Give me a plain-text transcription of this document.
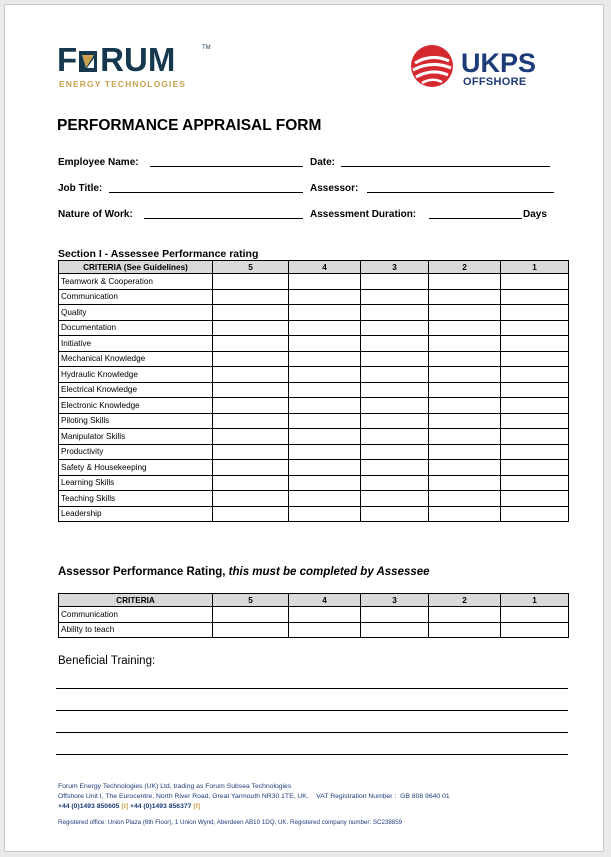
F RUM	TM
ENERGY TECHNOLOGIES
UKPS
OFFSHORE
PERFORMANCE APPRAISAL FORM
Employee Name:	Date:
Job Title:	Assessor:
Nature of Work:	Assessment Duration:	Days
Section I - Assessee Performance rating
CRITERIA (See Guidelines)	5	4	3	2	1
Teamwork & Cooperation					
Communication					
Quality					
Documentation					
Initiative					
Mechanical Knowledge					
Hydraulic Knowledge					
Electrical Knowledge					
Electronic Knowledge					
Piloting Skills					
Manipulator Skills					
Productivity					
Safety & Housekeeping					
Learning Skills					
Teaching Skills					
Leadership					
Assessor Performance Rating, this must be completed by Assessee
CRITERIA	5	4	3	2	1
Communication					
Ability to teach					
Beneficial Training:
Forum Energy Technologies (UK) Ltd, trading as Forum Subsea Technologies
Offshore Unit I, The Eurocentre, North River Road, Great Yarmouth NR30 1TE, UK.    VAT Registration Number :  GB 808 9640 01
+44 (0)1493 850605 [t] +44 (0)1493 856377 [f]
Registered office: Union Plaza (6th Floor), 1 Union Wynd, Aberdeen AB10 1DQ, UK. Registered company number: SC238859
